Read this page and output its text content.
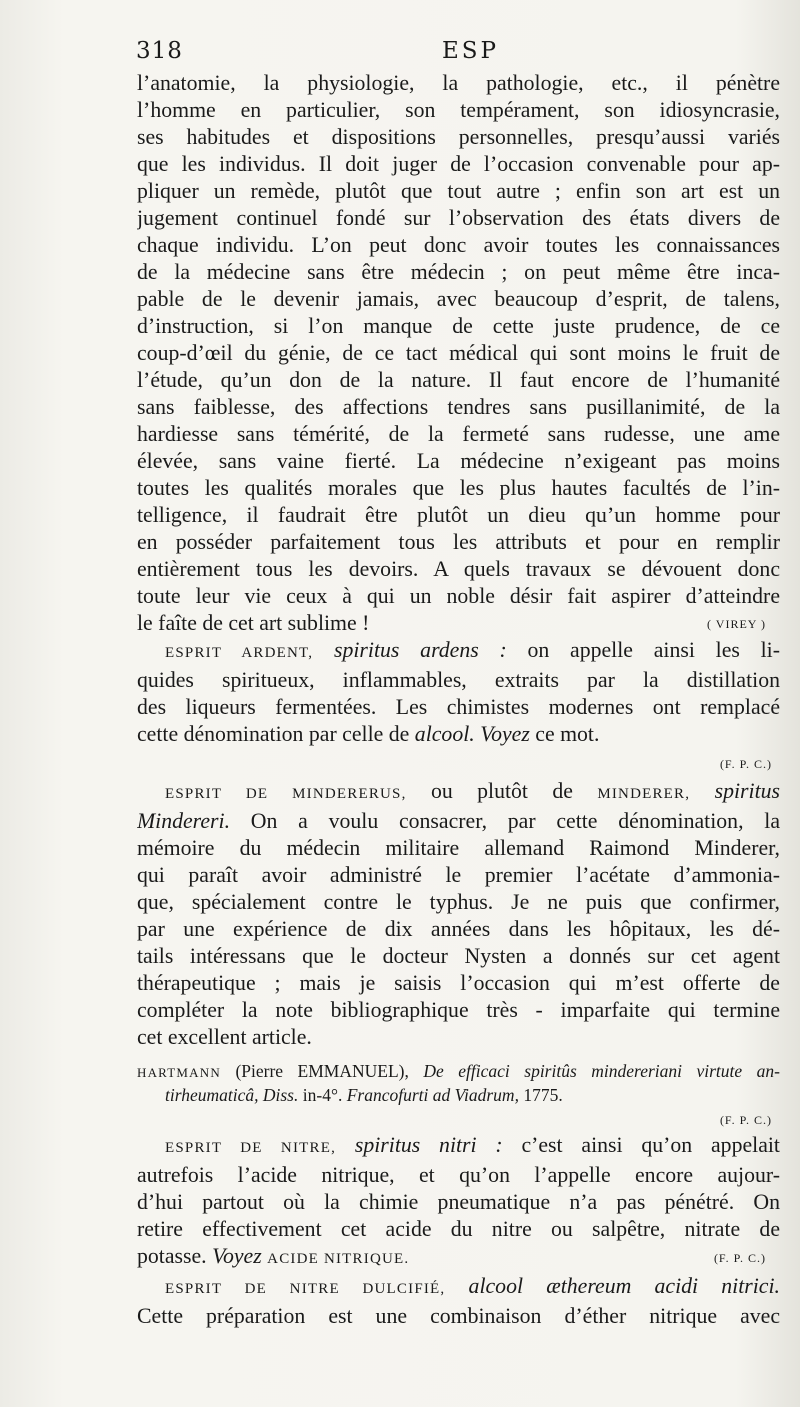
318	ESP
l’anatomie, la physiologie, la pathologie, etc., il pénètre
l’homme en particulier, son tempérament, son idiosyncrasie,
ses habitudes et dispositions personnelles, presqu’aussi variés
que les individus. Il doit juger de l’occasion convenable pour ap-
pliquer un remède, plutôt que tout autre ; enfin son art est un
jugement continuel fondé sur l’observation des états divers de
chaque individu. L’on peut donc avoir toutes les connaissances
de la médecine sans être médecin ; on peut même être inca-
pable de le devenir jamais, avec beaucoup d’esprit, de talens,
d’instruction, si l’on manque de cette juste prudence, de ce
coup-d’œil du génie, de ce tact médical qui sont moins le fruit de
l’étude, qu’un don de la nature. Il faut encore de l’humanité
sans faiblesse, des affections tendres sans pusillanimité, de la
hardiesse sans témérité, de la fermeté sans rudesse, une ame
élevée, sans vaine fierté. La médecine n’exigeant pas moins
toutes les qualités morales que les plus hautes facultés de l’in-
telligence, il faudrait être plutôt un dieu qu’un homme pour
en posséder parfaitement tous les attributs et pour en remplir
entièrement tous les devoirs. A quels travaux se dévouent donc
toute leur vie ceux à qui un noble désir fait aspirer d’atteindre
le faîte de cet art sublime !	( VIREY )
ESPRIT ARDENT, spiritus ardens : on appelle ainsi les li-
quides spiritueux, inflammables, extraits par la distillation
des liqueurs fermentées. Les chimistes modernes ont remplacé
cette dénomination par celle de alcool. Voyez ce mot.
(F. P. C.)
ESPRIT DE MINDERERUS, ou plutôt de MINDERER, spiritus
Mindereri. On a voulu consacrer, par cette dénomination, la
mémoire du médecin militaire allemand Raimond Minderer,
qui paraît avoir administré le premier l’acétate d’ammonia-
que, spécialement contre le typhus. Je ne puis que confirmer,
par une expérience de dix années dans les hôpitaux, les dé-
tails intéressans que le docteur Nysten a donnés sur cet agent
thérapeutique ; mais je saisis l’occasion qui m’est offerte de
compléter la note bibliographique très - imparfaite qui termine
cet excellent article.
HARTMANN (Pierre EMMANUEL), De efficaci spiritûs mindereriani virtute an-
tirheumaticâ, Diss. in-4°. Francofurti ad Viadrum, 1775.
(F. P. C.)
ESPRIT DE NITRE, spiritus nitri : c’est ainsi qu’on appelait
autrefois l’acide nitrique, et qu’on l’appelle encore aujour-
d’hui partout où la chimie pneumatique n’a pas pénétré. On
retire effectivement cet acide du nitre ou salpêtre, nitrate de
potasse. Voyez ACIDE NITRIQUE.	(F. P. C.)
ESPRIT DE NITRE DULCIFIÉ, alcool æthereum acidi nitrici.
Cette préparation est une combinaison d’éther nitrique avec
